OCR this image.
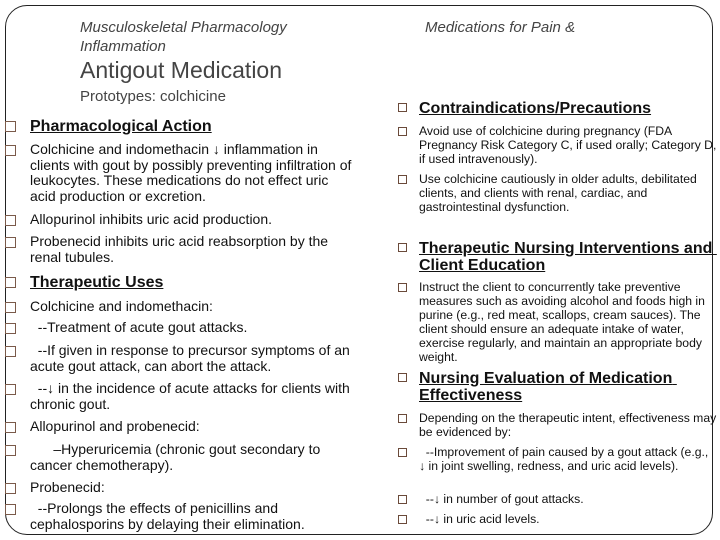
Musculoskeletal Pharmacology
Inflammation
Medications for Pain &
Antigout Medication
Prototypes: colchicine
Pharmacological Action
Colchicine and indomethacin ↓ inflammation in clients with gout by possibly preventing infiltration of leukocytes. These medications do not effect uric acid production or excretion.
Allopurinol inhibits uric acid production.
Probenecid inhibits uric acid reabsorption by the renal tubules.
Therapeutic Uses
Colchicine and indomethacin:
--Treatment of acute gout attacks.
--If given in response to precursor symptoms of an acute gout attack, can abort the attack.
--↓ in the incidence of acute attacks for clients with chronic gout.
Allopurinol and probenecid:
–Hyperuricemia (chronic gout secondary to cancer chemotherapy).
Probenecid:
--Prolongs the effects of penicillins and cephalosporins by delaying their elimination.
Contraindications/Precautions
Avoid use of colchicine during pregnancy (FDA Pregnancy Risk Category C, if used orally; Category D, if used intravenously).
Use colchicine cautiously in older adults, debilitated clients, and clients with renal, cardiac, and gastrointestinal dysfunction.
Therapeutic Nursing Interventions and Client Education
Instruct the client to concurrently take preventive measures such as avoiding alcohol and foods high in purine (e.g., red meat, scallops, cream sauces). The client should ensure an adequate intake of water, exercise regularly, and maintain an appropriate body weight.
Nursing Evaluation of Medication Effectiveness
Depending on the therapeutic intent, effectiveness may be evidenced by:
--Improvement of pain caused by a gout attack (e.g., ↓ in joint swelling, redness, and uric acid levels).
--↓ in number of gout attacks.
--↓ in uric acid levels.
